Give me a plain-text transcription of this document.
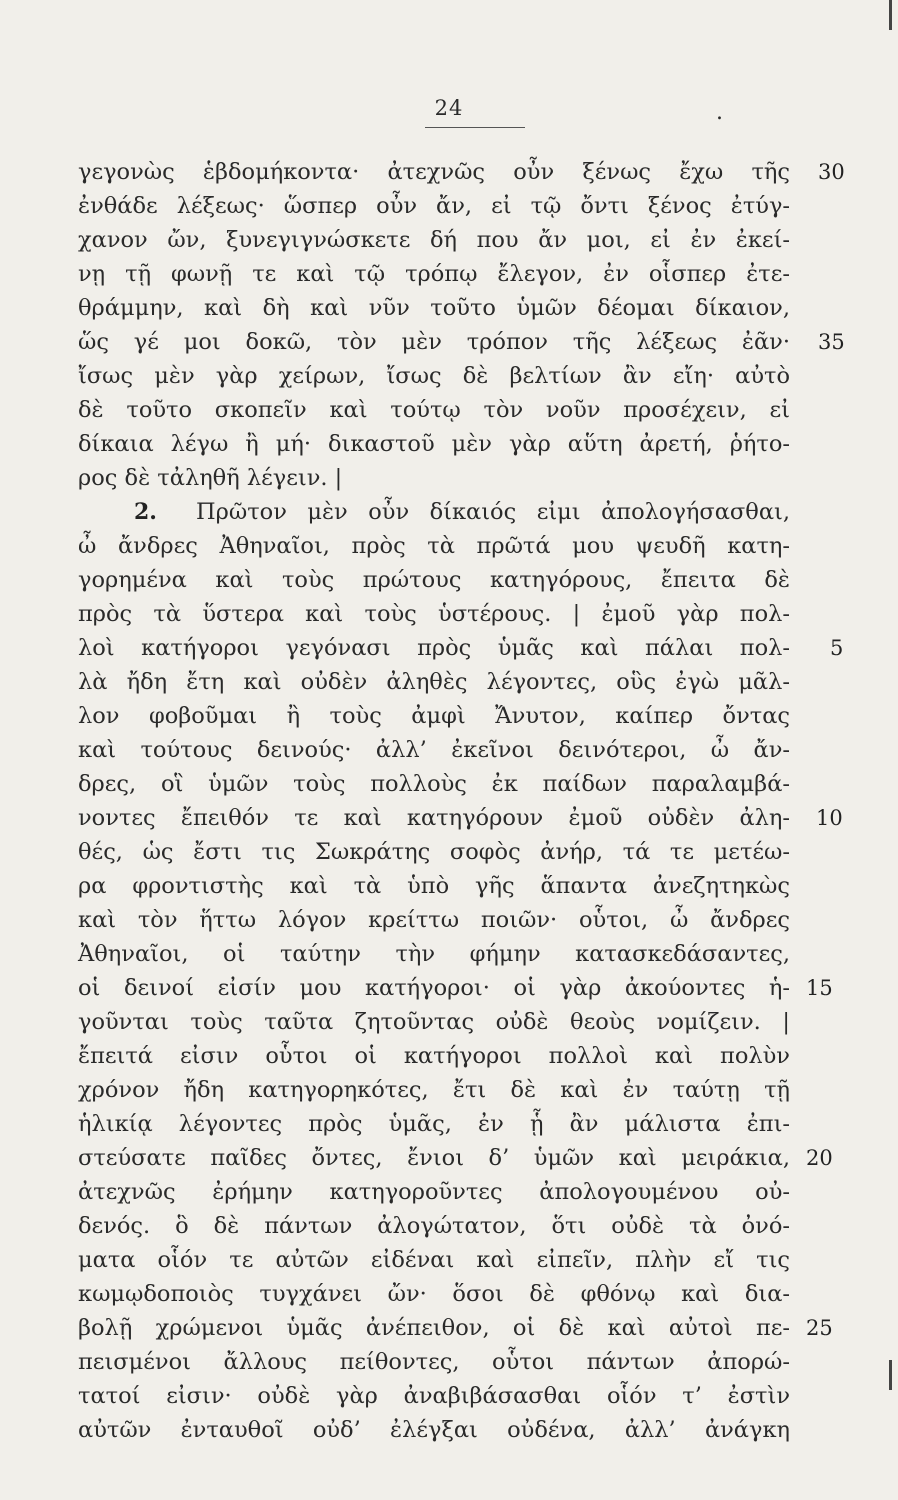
24	.
γεγονὼς ἑβδομήκοντα· ἀτεχνῶς οὖν ξένως ἔχω τῆς
ἐνθάδε λέξεως· ὥσπερ οὖν ἄν, εἰ τῷ ὄντι ξένος ἐτύγ-
χανον ὤν, ξυνεγιγνώσκετε δή που ἄν μοι, εἰ ἐν ἐκεί-
νῃ τῇ φωνῇ τε καὶ τῷ τρόπῳ ἔλεγον, ἐν οἷσπερ ἐτε-
θράμμην, καὶ δὴ καὶ νῦν τοῦτο ὑμῶν δέομαι δίκαιον,
ὥς γέ μοι δοκῶ, τὸν μὲν τρόπον τῆς λέξεως ἐᾶν·
ἴσως μὲν γὰρ χείρων, ἴσως δὲ βελτίων ἂν εἴη· αὐτὸ
δὲ τοῦτο σκοπεῖν καὶ τούτῳ τὸν νοῦν προσέχειν, εἰ
δίκαια λέγω ἢ μή· δικαστοῦ μὲν γὰρ αὕτη ἀρετή, ῥήτο-
ρος δὲ τἀληθῆ λέγειν. |
2. Πρῶτον μὲν οὖν δίκαιός εἰμι ἀπολογήσασθαι,
ὦ ἄνδρες Ἀθηναῖοι, πρὸς τὰ πρῶτά μου ψευδῆ κατη-
γορημένα καὶ τοὺς πρώτους κατηγόρους, ἔπειτα δὲ
πρὸς τὰ ὕστερα καὶ τοὺς ὑστέρους. | ἐμοῦ γὰρ πολ-
λοὶ κατήγοροι γεγόνασι πρὸς ὑμᾶς καὶ πάλαι πολ-
λὰ ἤδη ἔτη καὶ οὐδὲν ἀληθὲς λέγοντες, οὓς ἐγὼ μᾶλ-
λον φοβοῦμαι ἢ τοὺς ἀμφὶ Ἄνυτον, καίπερ ὄντας
καὶ τούτους δεινούς· ἀλλ’ ἐκεῖνοι δεινότεροι, ὦ ἄν-
δρες, οἳ ὑμῶν τοὺς πολλοὺς ἐκ παίδων παραλαμβά-
νοντες ἔπειθόν τε καὶ κατηγόρουν ἐμοῦ οὐδὲν ἀλη-
θές, ὡς ἔστι τις Σωκράτης σοφὸς ἀνήρ, τά τε μετέω-
ρα φροντιστὴς καὶ τὰ ὑπὸ γῆς ἅπαντα ἀνεζητηκὼς
καὶ τὸν ἥττω λόγον κρείττω ποιῶν· οὗτοι, ὦ ἄνδρες
Ἀθηναῖοι, οἱ ταύτην τὴν φήμην κατασκεδάσαντες,
οἱ δεινοί εἰσίν μου κατήγοροι· οἱ γὰρ ἀκούοντες ἡ-
γοῦνται τοὺς ταῦτα ζητοῦντας οὐδὲ θεοὺς νομίζειν. |
ἔπειτά εἰσιν οὗτοι οἱ κατήγοροι πολλοὶ καὶ πολὺν
χρόνον ἤδη κατηγορηκότες, ἔτι δὲ καὶ ἐν ταύτῃ τῇ
ἡλικίᾳ λέγοντες πρὸς ὑμᾶς, ἐν ᾗ ἂν μάλιστα ἐπι-
στεύσατε παῖδες ὄντες, ἔνιοι δ’ ὑμῶν καὶ μειράκια,
ἀτεχνῶς ἐρήμην κατηγοροῦντες ἀπολογουμένου οὐ-
δενός. ὃ δὲ πάντων ἀλογώτατον, ὅτι οὐδὲ τὰ ὀνό-
ματα οἷόν τε αὐτῶν εἰδέναι καὶ εἰπεῖν, πλὴν εἴ τις
κωμῳδοποιὸς τυγχάνει ὤν· ὅσοι δὲ φθόνῳ καὶ δια-
βολῇ χρώμενοι ὑμᾶς ἀνέπειθον, οἱ δὲ καὶ αὐτοὶ πε-
πεισμένοι ἄλλους πείθοντες, οὗτοι πάντων ἀπορώ-
τατοί εἰσιν· οὐδὲ γὰρ ἀναβιβάσασθαι οἷόν τ’ ἐστὶν
αὐτῶν ἐνταυθοῖ οὐδ’ ἐλέγξαι οὐδένα, ἀλλ’ ἀνάγκη
30
35
5
10
15
20
25
